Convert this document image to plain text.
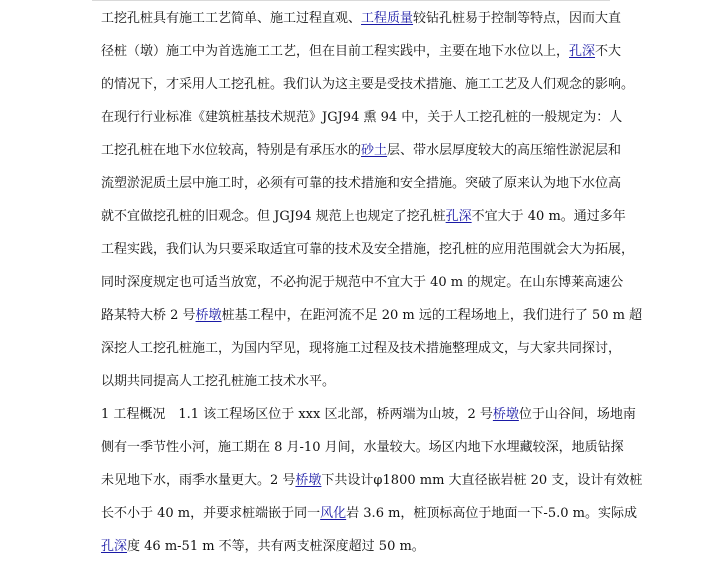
工挖孔桩具有施工工艺简单、施工过程直观、工程质量较钻孔桩易于控制等特点，因而大直
径桩（墩）施工中为首选施工工艺，但在目前工程实践中，主要在地下水位以上，孔深不大
的情况下，才采用人工挖孔桩。我们认为这主要是受技术措施、施工工艺及人们观念的影响。
在现行行业标准《建筑桩基技术规范》JGJ94 熏 94 中，关于人工挖孔桩的一般规定为：人
工挖孔桩在地下水位较高，特别是有承压水的砂土层、带水层厚度较大的高压缩性淤泥层和
流塑淤泥质土层中施工时，必须有可靠的技术措施和安全措施。突破了原来认为地下水位高
就不宜做挖孔桩的旧观念。但 JGJ94 规范上也规定了挖孔桩孔深不宜大于 40 m。通过多年
工程实践，我们认为只要采取适宜可靠的技术及安全措施，挖孔桩的应用范围就会大为拓展，
同时深度规定也可适当放宽，不必拘泥于规范中不宜大于 40 m 的规定。在山东博莱高速公
路某特大桥 2 号桥墩桩基工程中，在距河流不足 20 m 远的工程场地上，我们进行了 50 m 超
深挖人工挖孔桩施工，为国内罕见，现将施工过程及技术措施整理成文，与大家共同探讨，
以期共同提高人工挖孔桩施工技术水平。
1 工程概况　1.1 该工程场区位于 xxx 区北部，桥两端为山坡，2 号桥墩位于山谷间，场地南
侧有一季节性小河，施工期在 8 月-10 月间，水量较大。场区内地下水埋藏较深，地质钻探
未见地下水，雨季水量更大。2 号桥墩下共设计φ1800 mm 大直径嵌岩桩 20 支，设计有效桩
长不小于 40 m，并要求桩端嵌于同一风化岩 3.6 m，桩顶标高位于地面一下-5.0 m。实际成
孔深度 46 m-51 m 不等，共有两支桩深度超过 50 m。
